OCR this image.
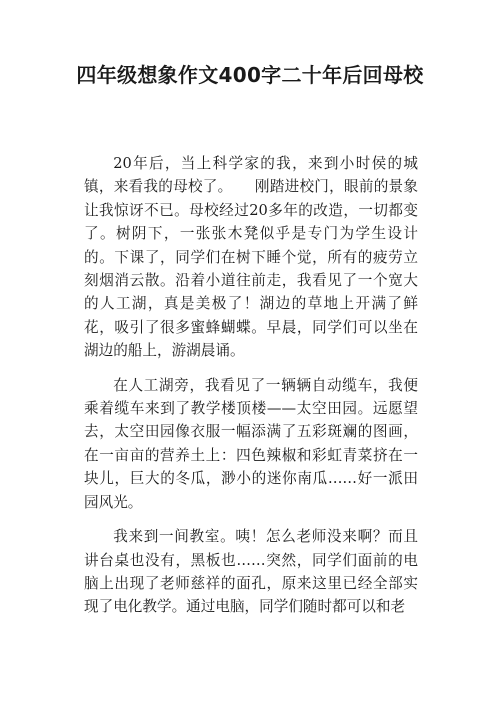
四年级想象作文400字二十年后回母校

20年后，当上科学家的我，来到小时侯的城镇，来看我的母校了。　　刚踏进校门，眼前的景象让我惊讶不已。母校经过20多年的改造，一切都变了。树阴下，一张张木凳似乎是专门为学生设计的。下课了，同学们在树下睡个觉，所有的疲劳立刻烟消云散。沿着小道往前走，我看见了一个宽大的人工湖，真是美极了！湖边的草地上开满了鲜花，吸引了很多蜜蜂蝴蝶。早晨，同学们可以坐在湖边的船上，游湖晨诵。

在人工湖旁，我看见了一辆辆自动缆车，我便乘着缆车来到了教学楼顶楼——太空田园。远愿望去，太空田园像衣服一幅添满了五彩斑斓的图画，在一亩亩的营养土上：四色辣椒和彩虹青菜挤在一块儿，巨大的冬瓜，渺小的迷你南瓜……好一派田园风光。

我来到一间教室。咦！怎么老师没来啊？而且讲台桌也没有，黑板也……突然，同学们面前的电脑上出现了老师慈祥的面孔，原来这里已经全部实现了电化教学。通过电脑，同学们随时都可以和老
